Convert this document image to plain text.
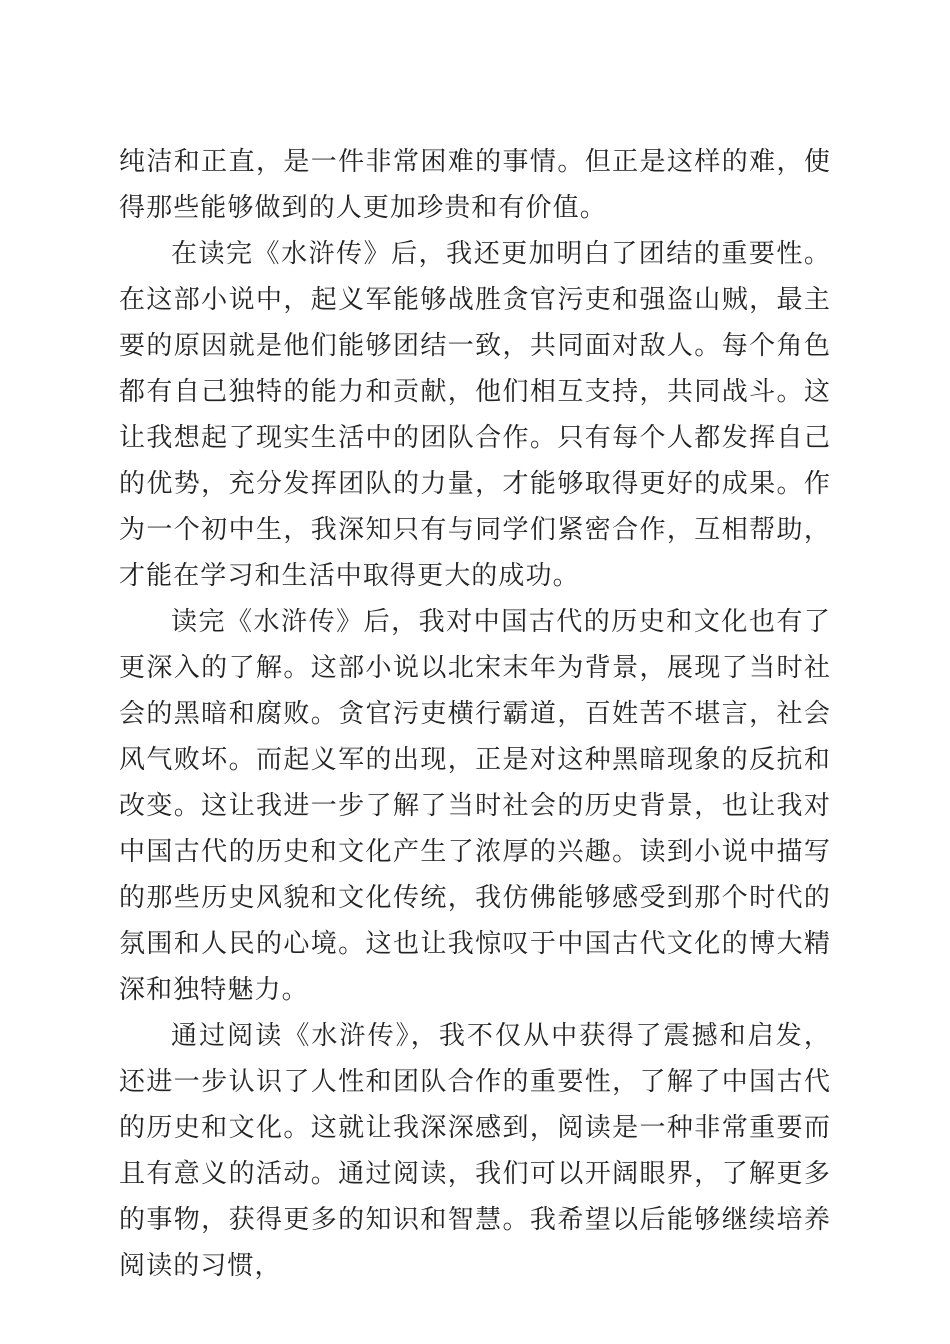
纯洁和正直，是一件非常困难的事情。但正是这样的难，使得那些能够做到的人更加珍贵和有价值。

在读完《水浒传》后，我还更加明白了团结的重要性。在这部小说中，起义军能够战胜贪官污吏和强盗山贼，最主要的原因就是他们能够团结一致，共同面对敌人。每个角色都有自己独特的能力和贡献，他们相互支持，共同战斗。这让我想起了现实生活中的团队合作。只有每个人都发挥自己的优势，充分发挥团队的力量，才能够取得更好的成果。作为一个初中生，我深知只有与同学们紧密合作，互相帮助，才能在学习和生活中取得更大的成功。

读完《水浒传》后，我对中国古代的历史和文化也有了更深入的了解。这部小说以北宋末年为背景，展现了当时社会的黑暗和腐败。贪官污吏横行霸道，百姓苦不堪言，社会风气败坏。而起义军的出现，正是对这种黑暗现象的反抗和改变。这让我进一步了解了当时社会的历史背景，也让我对中国古代的历史和文化产生了浓厚的兴趣。读到小说中描写的那些历史风貌和文化传统，我仿佛能够感受到那个时代的氛围和人民的心境。这也让我惊叹于中国古代文化的博大精深和独特魅力。

通过阅读《水浒传》，我不仅从中获得了震撼和启发，还进一步认识了人性和团队合作的重要性，了解了中国古代的历史和文化。这就让我深深感到，阅读是一种非常重要而且有意义的活动。通过阅读，我们可以开阔眼界，了解更多的事物，获得更多的知识和智慧。我希望以后能够继续培养阅读的习惯，
